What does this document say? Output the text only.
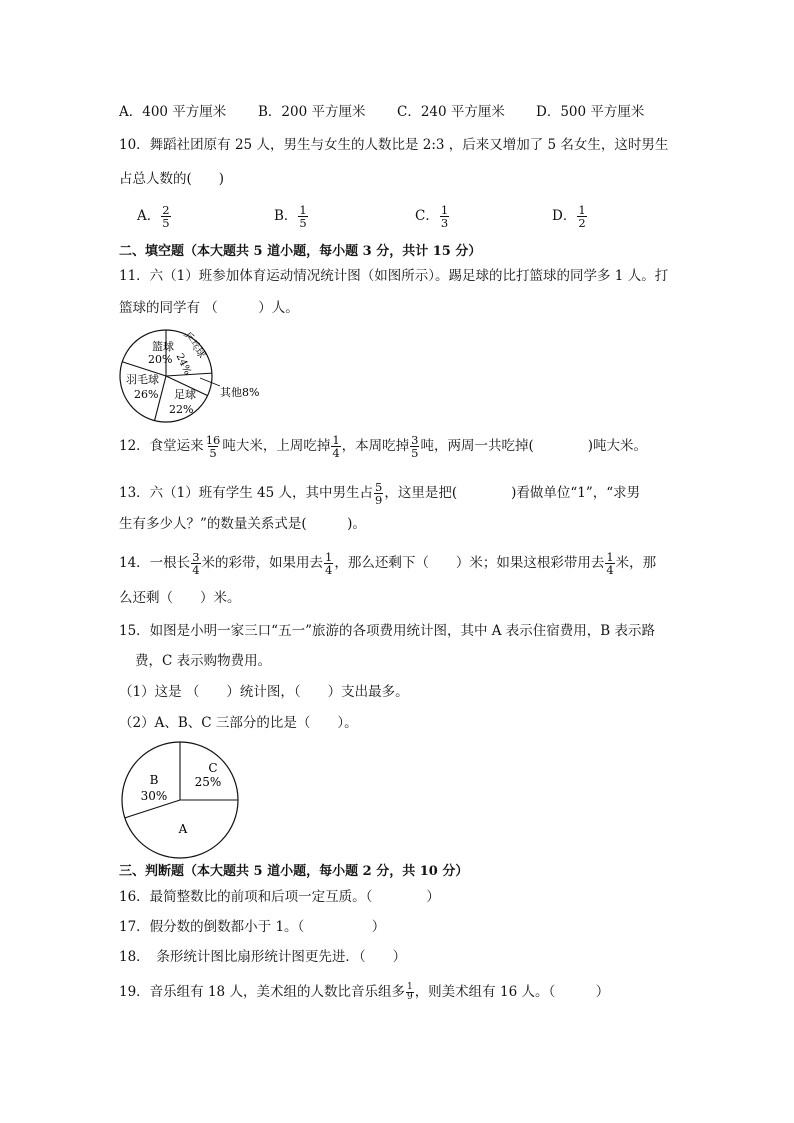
A．400 平方厘米 B．200 平方厘米 C．240 平方厘米 D．500 平方厘米
10．舞蹈社团原有 25 人，男生与女生的人数比是 2:3 ，后来又增加了 5 名女生，这时男生
占总人数的(　　)
A． $\frac{2}{5}$	B． $\frac{1}{5}$	C． $\frac{1}{3}$	D． $\frac{1}{2}$
二、填空题（本大题共 5 道小题，每小题 3 分，共计 15 分）
11．六（1）班参加体育运动情况统计图（如图所示）。踢足球的比打篮球的同学多 1 人。打
篮球的同学有 （　　　）人。
篮球
20% 乒乓球
24%
羽毛球
26% 足球
22%
其他8%
12．食堂运来 $\frac{16}{5}$ 吨大米，上周吃掉 $\frac{1}{4}$ ，本周吃掉 $\frac{3}{5}$ 吨，两周一共吃掉(　　　　)吨大米。
13．六（1）班有学生 45 人，其中男生占 $\frac{5}{9}$ ，这里是把(　　　　)看做单位“1”，“求男
生有多少人？”的数量关系式是(　　　)。
14．一根长 $\frac{3}{4}$ 米的彩带，如果用去 $\frac{1}{4}$ ，那么还剩下（　　）米；如果这根彩带用去 $\frac{1}{4}$ 米，那
么还剩（　　）米。
15．如图是小明一家三口“五一”旅游的各项费用统计图，其中 A 表示住宿费用，B 表示路
费，C 表示购物费用。
（1）这是 （　　）统计图，（　　）支出最多。
（2）A、B、C 三部分的比是（　　）。
C
25%
B
30%
A
三、判断题（本大题共 5 道小题，每小题 2 分，共 10 分）
16．最简整数比的前项和后项一定互质。（　　　　）
17．假分数的倒数都小于 1。（　　　　　）
18．　条形统计图比扇形统计图更先进．（　　）
19．音乐组有 18 人，美术组的人数比音乐组多 $\frac{1}{9}$ ，则美术组有 16 人。（　　　）
